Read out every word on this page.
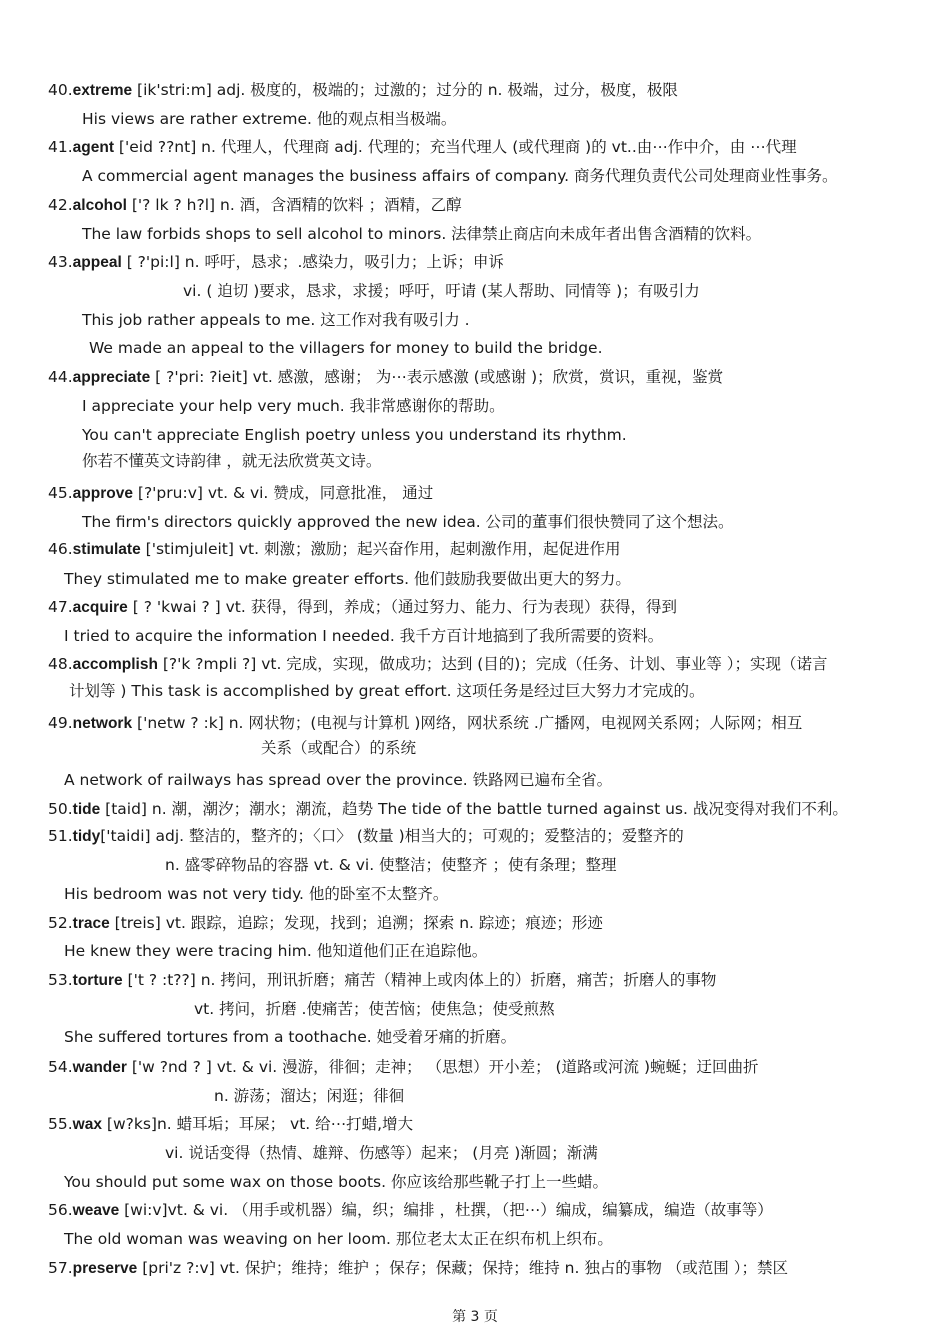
40.extreme [ik'stri:m] adj. 极度的，极端的；过激的；过分的 n. 极端，过分，极度，极限
His views are rather extreme. 他的观点相当极端。
41.agent ['eid ??nt] n. 代理人，代理商 adj. 代理的；充当代理人 (或代理商 )的 vt..由⋯作中介，由 ⋯代理
A commercial agent manages the business affairs of company. 商务代理负责代公司处理商业性事务。
42.alcohol ['? lk ? h?l] n. 酒，含酒精的饮料 ；酒精，乙醇
The law forbids shops to sell alcohol to minors. 法律禁止商店向未成年者出售含酒精的饮料。
43.appeal [ ?'pi:l] n. 呼吁，恳求；.感染力，吸引力；上诉；申诉
vi. ( 迫切 )要求，恳求，求援；呼吁，吁请 (某人帮助、同情等 )；有吸引力
This job rather appeals to me. 这工作对我有吸引力 .
We made an appeal to the villagers for money to build the bridge.
44.appreciate [ ?'pri: ?ieit] vt. 感激，感谢； 为⋯表示感激 (或感谢 )；欣赏，赏识，重视，鉴赏
I appreciate your help very much. 我非常感谢你的帮助。
You can't appreciate English poetry unless you understand its rhythm.
你若不懂英文诗韵律 ，就无法欣赏英文诗。
45.approve [?'pru:v] vt. & vi. 赞成，同意批准， 通过
The firm's directors quickly approved the new idea. 公司的董事们很快赞同了这个想法。
46.stimulate ['stimjuleit] vt. 刺激；激励；起兴奋作用，起刺激作用，起促进作用
They stimulated me to make greater efforts. 他们鼓励我要做出更大的努力。
47.acquire [ ? 'kwai ? ] vt. 获得，得到，养成；（通过努力、能力、行为表现）获得，得到
I tried to acquire the information I needed. 我千方百计地搞到了我所需要的资料。
48.accomplish [?'k ?mpli ?] vt. 完成，实现，做成功；达到 (目的)；完成（任务、计划、事业等 ）；实现（诺言
计划等 ) This task is accomplished by great effort. 这项任务是经过巨大努力才完成的。
49.network ['netw ? :k] n. 网状物；(电视与计算机 )网络，网状系统 .广播网，电视网关系网；人际网；相互
关系（或配合）的系统
A network of railways has spread over the province. 铁路网已遍布全省。
50.tide [taid] n. 潮，潮汐；潮水；潮流，趋势 The tide of the battle turned against us. 战况变得对我们不利。
51.tidy['taidi] adj. 整洁的，整齐的；〈口〉 (数量 )相当大的；可观的；爱整洁的；爱整齐的
n. 盛零碎物品的容器 vt. & vi. 使整洁；使整齐 ；使有条理；整理
His bedroom was not very tidy. 他的卧室不太整齐。
52.trace [treis] vt. 跟踪，追踪；发现，找到；追溯；探索 n. 踪迹；痕迹；形迹
He knew they were tracing him. 他知道他们正在追踪他。
53.torture ['t ? :t??] n. 拷问，刑讯折磨；痛苦（精神上或肉体上的）折磨，痛苦；折磨人的事物
vt. 拷问，折磨 .使痛苦；使苦恼；使焦急；使受煎熬
She suffered tortures from a toothache. 她受着牙痛的折磨。
54.wander ['w ?nd ? ] vt. & vi. 漫游，徘徊；走神； （思想）开小差； (道路或河流 )蜿蜒；迂回曲折
n. 游荡；溜达；闲逛；徘徊
55.wax [w?ks]n. 蜡耳垢；耳屎； vt. 给⋯打蜡,增大
vi. 说话变得（热情、雄辩、伤感等）起来； (月亮 )渐圆；渐满
You should put some wax on those boots. 你应该给那些靴子打上一些蜡。
56.weave [wi:v]vt. & vi. （用手或机器）编，织；编排 ，杜撰，（把⋯）编成，编纂成，编造（故事等）
The old woman was weaving on her loom. 那位老太太正在织布机上织布。
57.preserve [pri'z ?:v] vt. 保护；维持；维护 ；保存；保藏；保持；维持 n. 独占的事物 （或范围 ）；禁区
第 3 页
